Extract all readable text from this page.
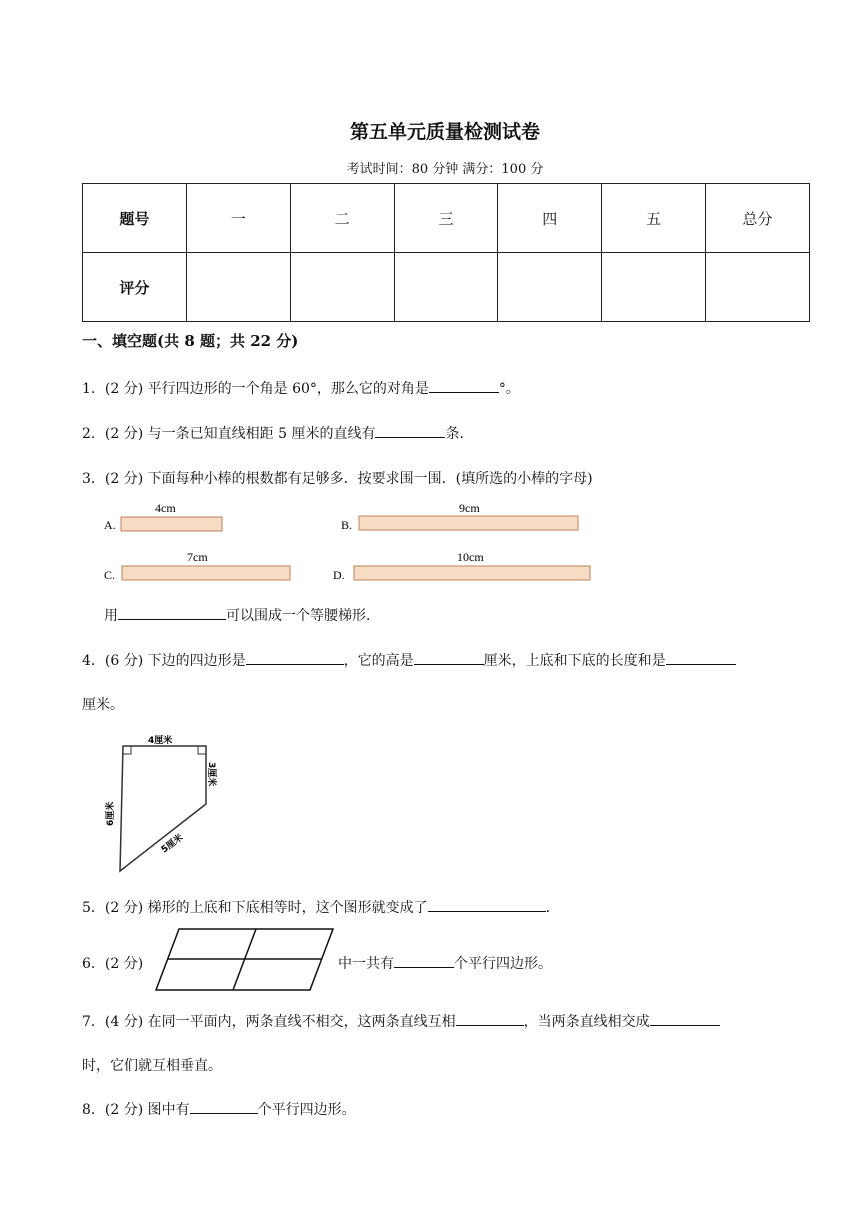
第五单元质量检测试卷
考试时间：80 分钟 满分：100 分
题号	一	二	三	四	五	总分
评分						
一、填空题(共 8 题；共 22 分)
1．(2 分) 平行四边形的一个角是 60°，那么它的对角是	°。
2．(2 分) 与一条已知直线相距 5 厘米的直线有	条．
3．(2 分) 下面每种小棒的根数都有足够多．按要求围一围．(填所选的小棒的字母)
A.
4cm
B.
9cm
C.
7cm
D.
10cm
用	可以围成一个等腰梯形．
4．(6 分) 下边的四边形是	，它的高是	厘米，上底和下底的长度和是
厘米。
4厘米
3厘米
6厘米
5厘米
5．(2 分) 梯形的上底和下底相等时，这个图形就变成了	．
6．(2 分)	中一共有	个平行四边形。
7．(4 分) 在同一平面内，两条直线不相交，这两条直线互相	，当两条直线相交成
时，它们就互相垂直。
8．(2 分) 图中有	个平行四边形。
